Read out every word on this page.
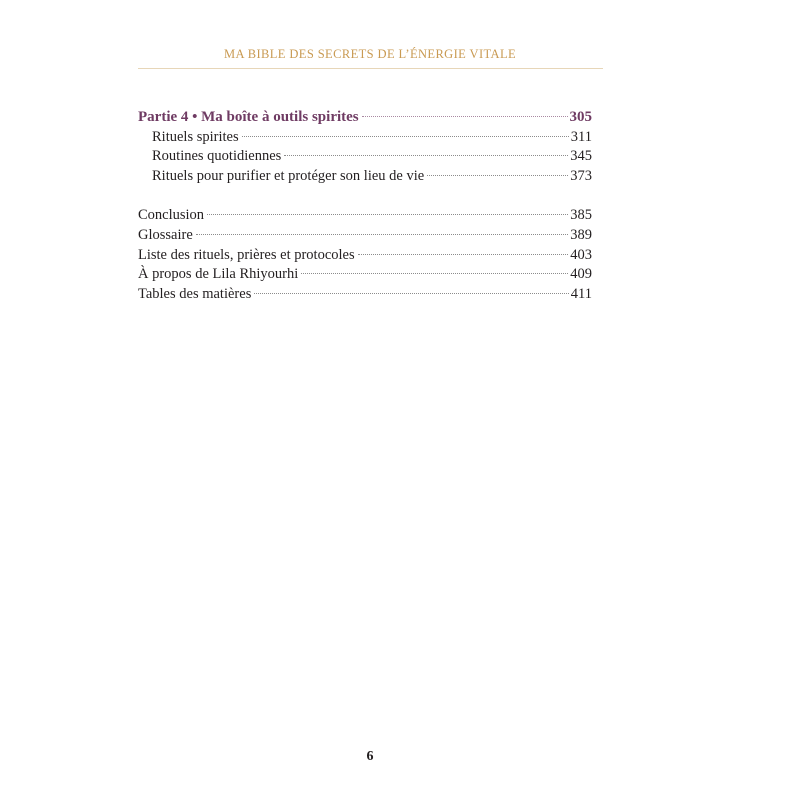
MA BIBLE DES SECRETS DE L’ÉNERGIE VITALE
Partie 4 • Ma boîte à outils spirites	305
Rituels spirites	311
Routines quotidiennes	345
Rituels pour purifier et protéger son lieu de vie	373
Conclusion	385
Glossaire	389
Liste des rituels, prières et protocoles	403
À propos de Lila Rhiyourhi	409
Tables des matières	411
6
